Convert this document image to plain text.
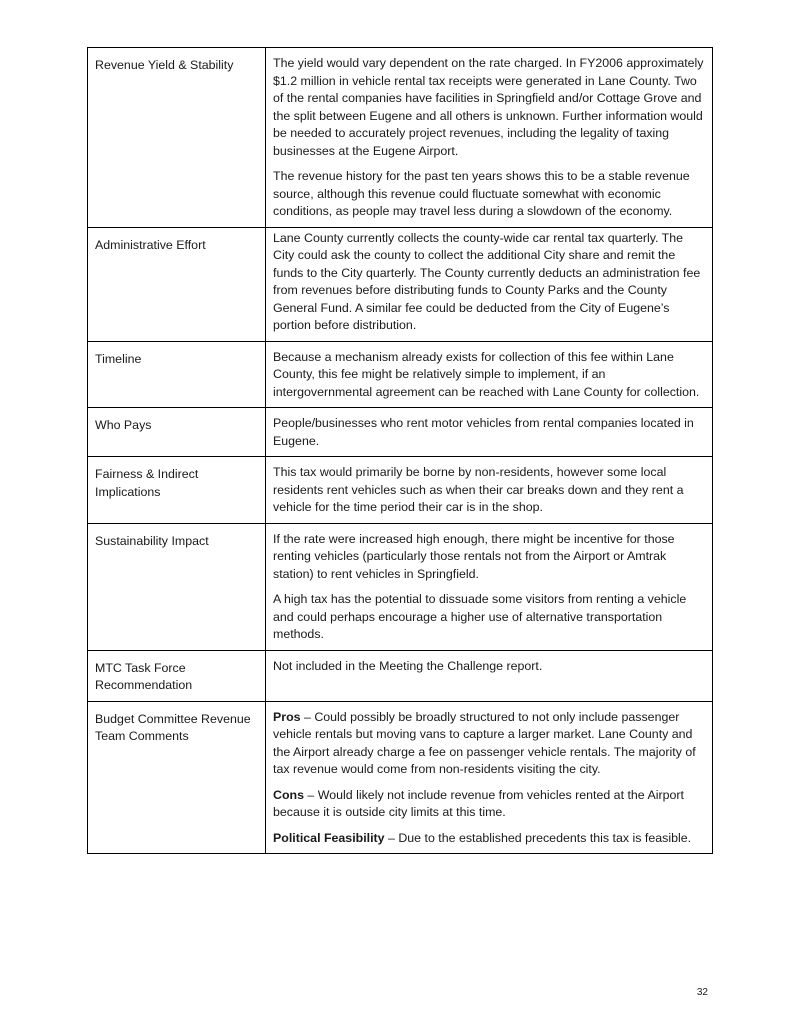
Revenue Yield & Stability	The yield would vary dependent on the rate charged. In FY2006 approximately $1.2 million in vehicle rental tax receipts were generated in Lane County. Two of the rental companies have facilities in Springfield and/or Cottage Grove and the split between Eugene and all others is unknown. Further information would be needed to accurately project revenues, including the legality of taxing businesses at the Eugene Airport.

The revenue history for the past ten years shows this to be a stable revenue source, although this revenue could fluctuate somewhat with economic conditions, as people may travel less during a slowdown of the economy.

Administrative Effort	Lane County currently collects the county-wide car rental tax quarterly. The City could ask the county to collect the additional City share and remit the funds to the City quarterly. The County currently deducts an administration fee from revenues before distributing funds to County Parks and the County General Fund. A similar fee could be deducted from the City of Eugene’s portion before distribution.

Timeline	Because a mechanism already exists for collection of this fee within Lane County, this fee might be relatively simple to implement, if an intergovernmental agreement can be reached with Lane County for collection.

Who Pays	People/businesses who rent motor vehicles from rental companies located in Eugene.

Fairness & Indirect Implications	This tax would primarily be borne by non-residents, however some local residents rent vehicles such as when their car breaks down and they rent a vehicle for the time period their car is in the shop.

Sustainability Impact	If the rate were increased high enough, there might be incentive for those renting vehicles (particularly those rentals not from the Airport or Amtrak station) to rent vehicles in Springfield.

A high tax has the potential to dissuade some visitors from renting a vehicle and could perhaps encourage a higher use of alternative transportation methods.

MTC Task Force Recommendation	Not included in the Meeting the Challenge report.

Budget Committee Revenue Team Comments	Pros – Could possibly be broadly structured to not only include passenger vehicle rentals but moving vans to capture a larger market. Lane County and the Airport already charge a fee on passenger vehicle rentals. The majority of tax revenue would come from non-residents visiting the city.

Cons – Would likely not include revenue from vehicles rented at the Airport because it is outside city limits at this time.

Political Feasibility – Due to the established precedents this tax is feasible.

32
